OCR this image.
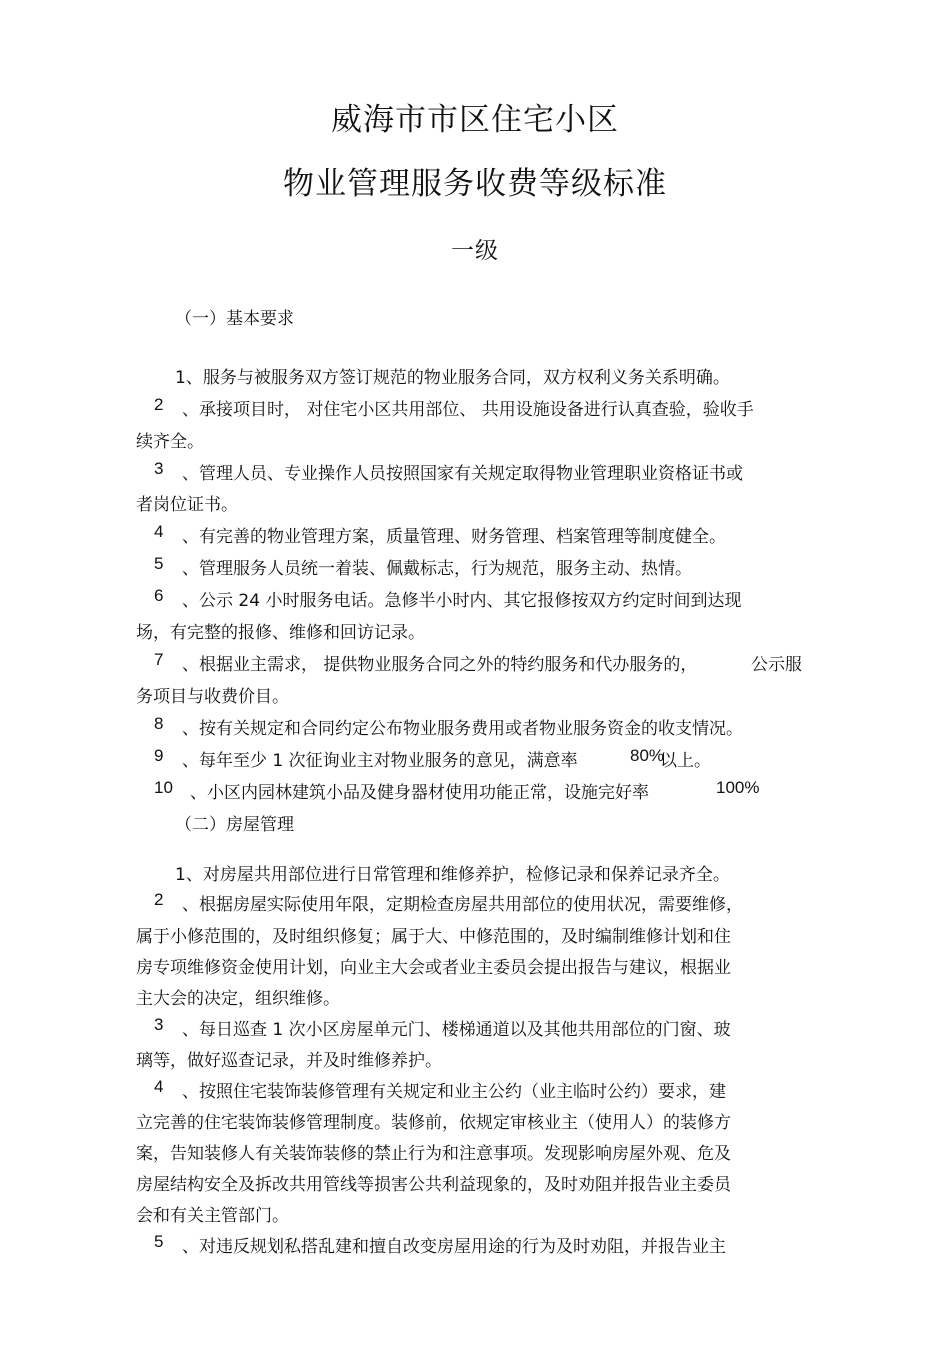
威海市市区住宅小区
物业管理服务收费等级标准
一级
（一）基本要求
1、服务与被服务双方签订规范的物业服务合同，双方权利义务关系明确。
2 、承接项目时， 对住宅小区共用部位、 共用设施设备进行认真查验，验收手
续齐全。
3 、管理人员、专业操作人员按照国家有关规定取得物业管理职业资格证书或
者岗位证书。
4 、有完善的物业管理方案，质量管理、财务管理、档案管理等制度健全。
5 、管理服务人员统一着装、佩戴标志，行为规范，服务主动、热情。
6 、公示 24 小时服务电话。急修半小时内、其它报修按双方约定时间到达现
场，有完整的报修、维修和回访记录。
7 、根据业主需求， 提供物业服务合同之外的特约服务和代办服务的，	公示服
务项目与收费价目。
8 、按有关规定和合同约定公布物业服务费用或者物业服务资金的收支情况。
9 、每年至少 1 次征询业主对物业服务的意见，满意率	80%
以上。
10 、小区内园林建筑小品及健身器材使用功能正常，设施完好率	100%
（二）房屋管理
1、对房屋共用部位进行日常管理和维修养护，检修记录和保养记录齐全。
2 、根据房屋实际使用年限，定期检查房屋共用部位的使用状况，需要维修，
属于小修范围的，及时组织修复；属于大、中修范围的，及时编制维修计划和住
房专项维修资金使用计划，向业主大会或者业主委员会提出报告与建议，根据业
主大会的决定，组织维修。
3 、每日巡查 1 次小区房屋单元门、楼梯通道以及其他共用部位的门窗、玻
璃等，做好巡查记录，并及时维修养护。
4 、按照住宅装饰装修管理有关规定和业主公约（业主临时公约）要求，建
立完善的住宅装饰装修管理制度。装修前，依规定审核业主（使用人）的装修方
案，告知装修人有关装饰装修的禁止行为和注意事项。发现影响房屋外观、危及
房屋结构安全及拆改共用管线等损害公共利益现象的，及时劝阻并报告业主委员
会和有关主管部门。
5 、对违反规划私搭乱建和擅自改变房屋用途的行为及时劝阻，并报告业主
